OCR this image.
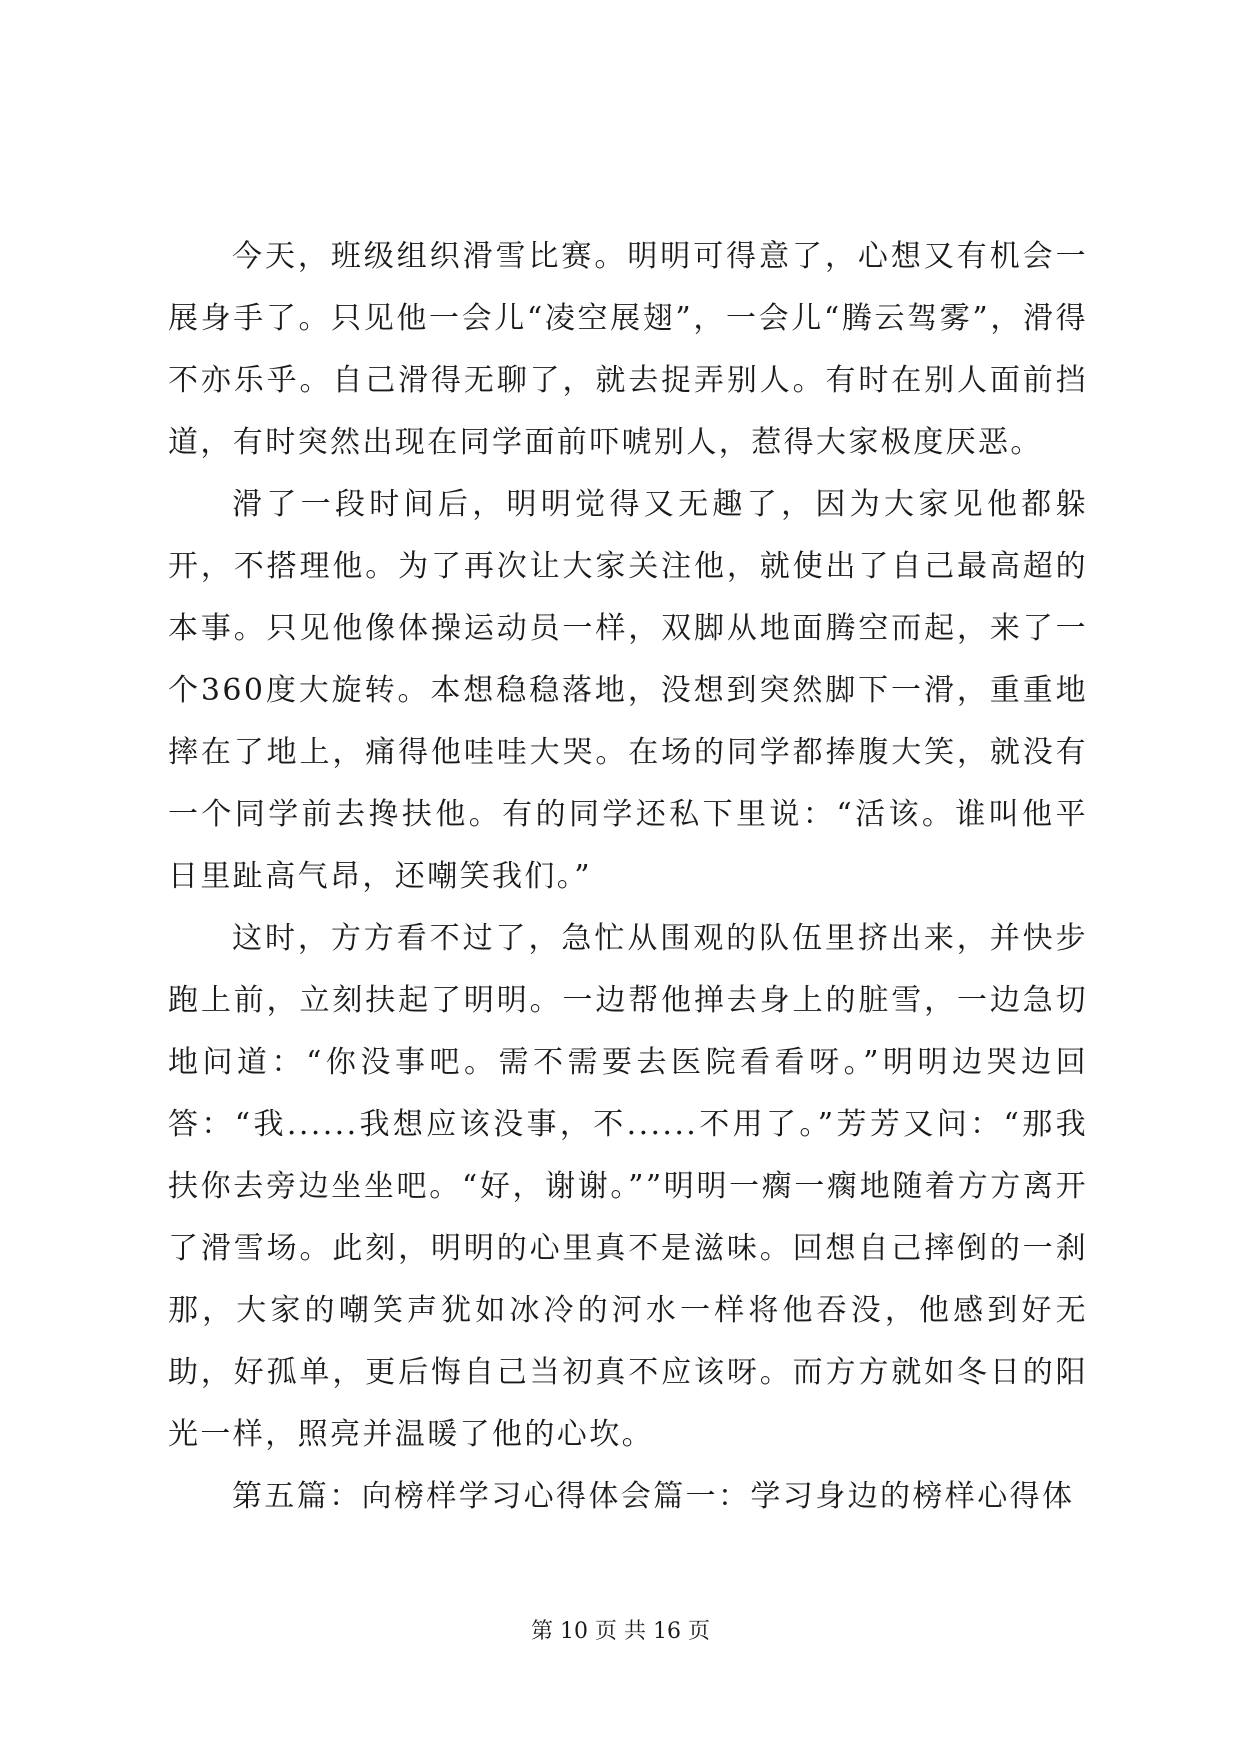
今天，班级组织滑雪比赛。明明可得意了，心想又有机会一展身手了。只见他一会儿“凌空展翅”，一会儿“腾云驾雾”，滑得不亦乐乎。自己滑得无聊了，就去捉弄别人。有时在别人面前挡道，有时突然出现在同学面前吓唬别人，惹得大家极度厌恶。

滑了一段时间后，明明觉得又无趣了，因为大家见他都躲开，不搭理他。为了再次让大家关注他，就使出了自己最高超的本事。只见他像体操运动员一样，双脚从地面腾空而起，来了一个360度大旋转。本想稳稳落地，没想到突然脚下一滑，重重地摔在了地上，痛得他哇哇大哭。在场的同学都捧腹大笑，就没有一个同学前去搀扶他。有的同学还私下里说：“活该。谁叫他平日里趾高气昂，还嘲笑我们。”

这时，方方看不过了，急忙从围观的队伍里挤出来，并快步跑上前，立刻扶起了明明。一边帮他掸去身上的脏雪，一边急切地问道：“你没事吧。需不需要去医院看看呀。”明明边哭边回答：“我......我想应该没事，不......不用了。”芳芳又问：“那我扶你去旁边坐坐吧。“好，谢谢。””明明一瘸一瘸地随着方方离开了滑雪场。此刻，明明的心里真不是滋味。回想自己摔倒的一刹那，大家的嘲笑声犹如冰冷的河水一样将他吞没，他感到好无助，好孤单，更后悔自己当初真不应该呀。而方方就如冬日的阳光一样，照亮并温暖了他的心坎。

第五篇：向榜样学习心得体会篇一：学习身边的榜样心得体

第 10 页 共 16 页
